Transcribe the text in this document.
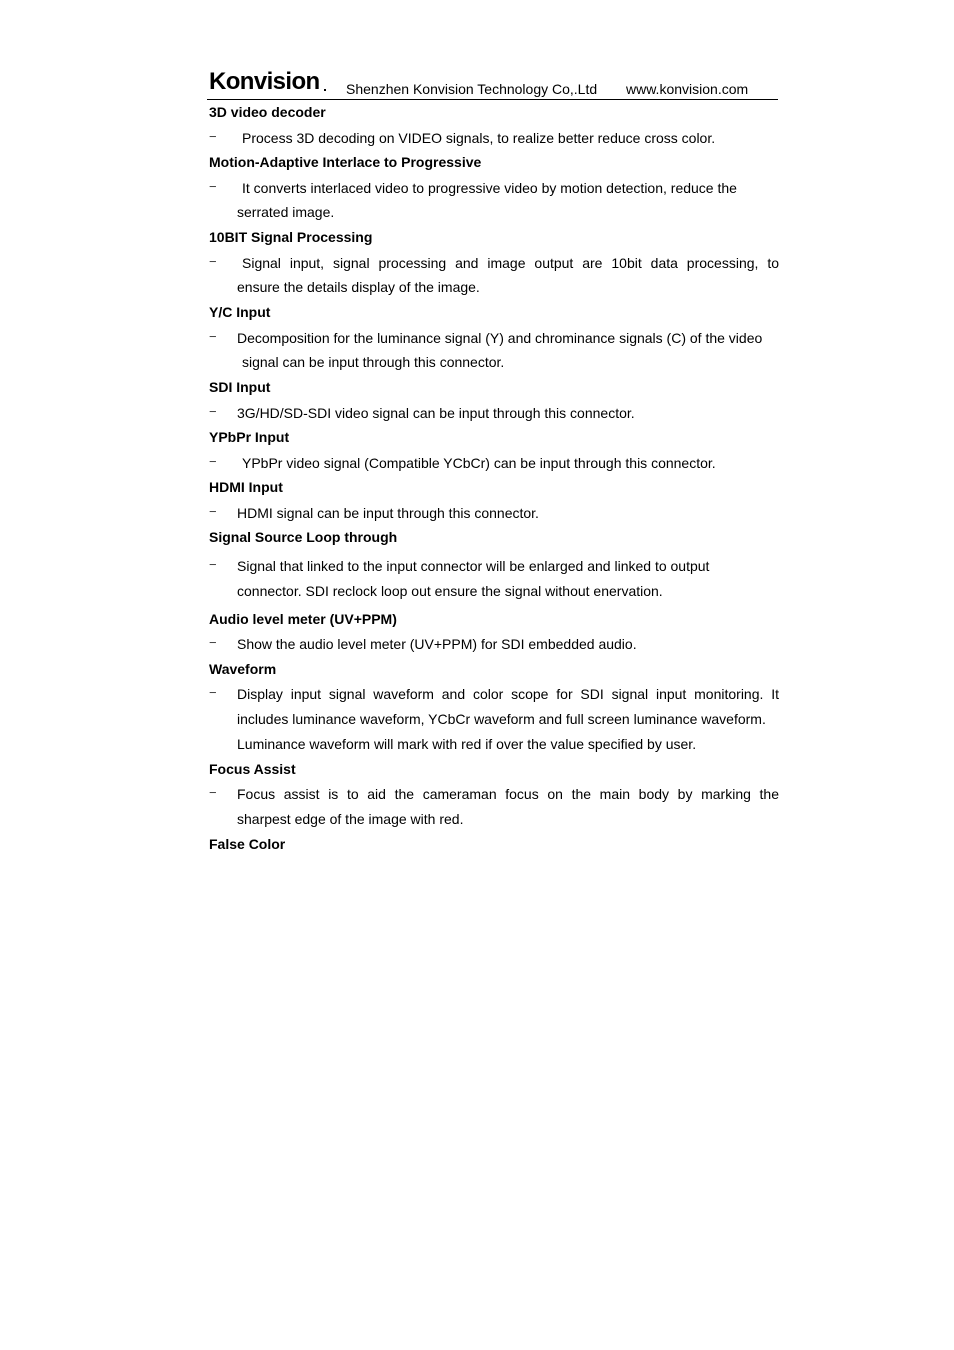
Konvision Shenzhen Konvision Technology Co,.Ltd www.konvision.com
3D video decoder
− Process 3D decoding on VIDEO signals, to realize better reduce cross color.
Motion-Adaptive Interlace to Progressive
− It converts interlaced video to progressive video by motion detection, reduce the
serrated image.
10BIT Signal Processing
− Signal input, signal processing and image output are 10bit data processing, to
ensure the details display of the image.
Y/C Input
− Decomposition for the luminance signal (Y) and chrominance signals (C) of the video
signal can be input through this connector.
SDI Input
− 3G/HD/SD-SDI video signal can be input through this connector.
YPbPr Input
− YPbPr video signal (Compatible YCbCr) can be input through this connector.
HDMI Input
− HDMI signal can be input through this connector.
Signal Source Loop through
− Signal that linked to the input connector will be enlarged and linked to output
connector. SDI reclock loop out ensure the signal without enervation.
Audio level meter (UV+PPM)
− Show the audio level meter (UV+PPM) for SDI embedded audio.
Waveform
− Display input signal waveform and color scope for SDI signal input monitoring. It
includes luminance waveform, YCbCr waveform and full screen luminance waveform.
Luminance waveform will mark with red if over the value specified by user.
Focus Assist
− Focus assist is to aid the cameraman focus on the main body by marking the
sharpest edge of the image with red.
False Color
